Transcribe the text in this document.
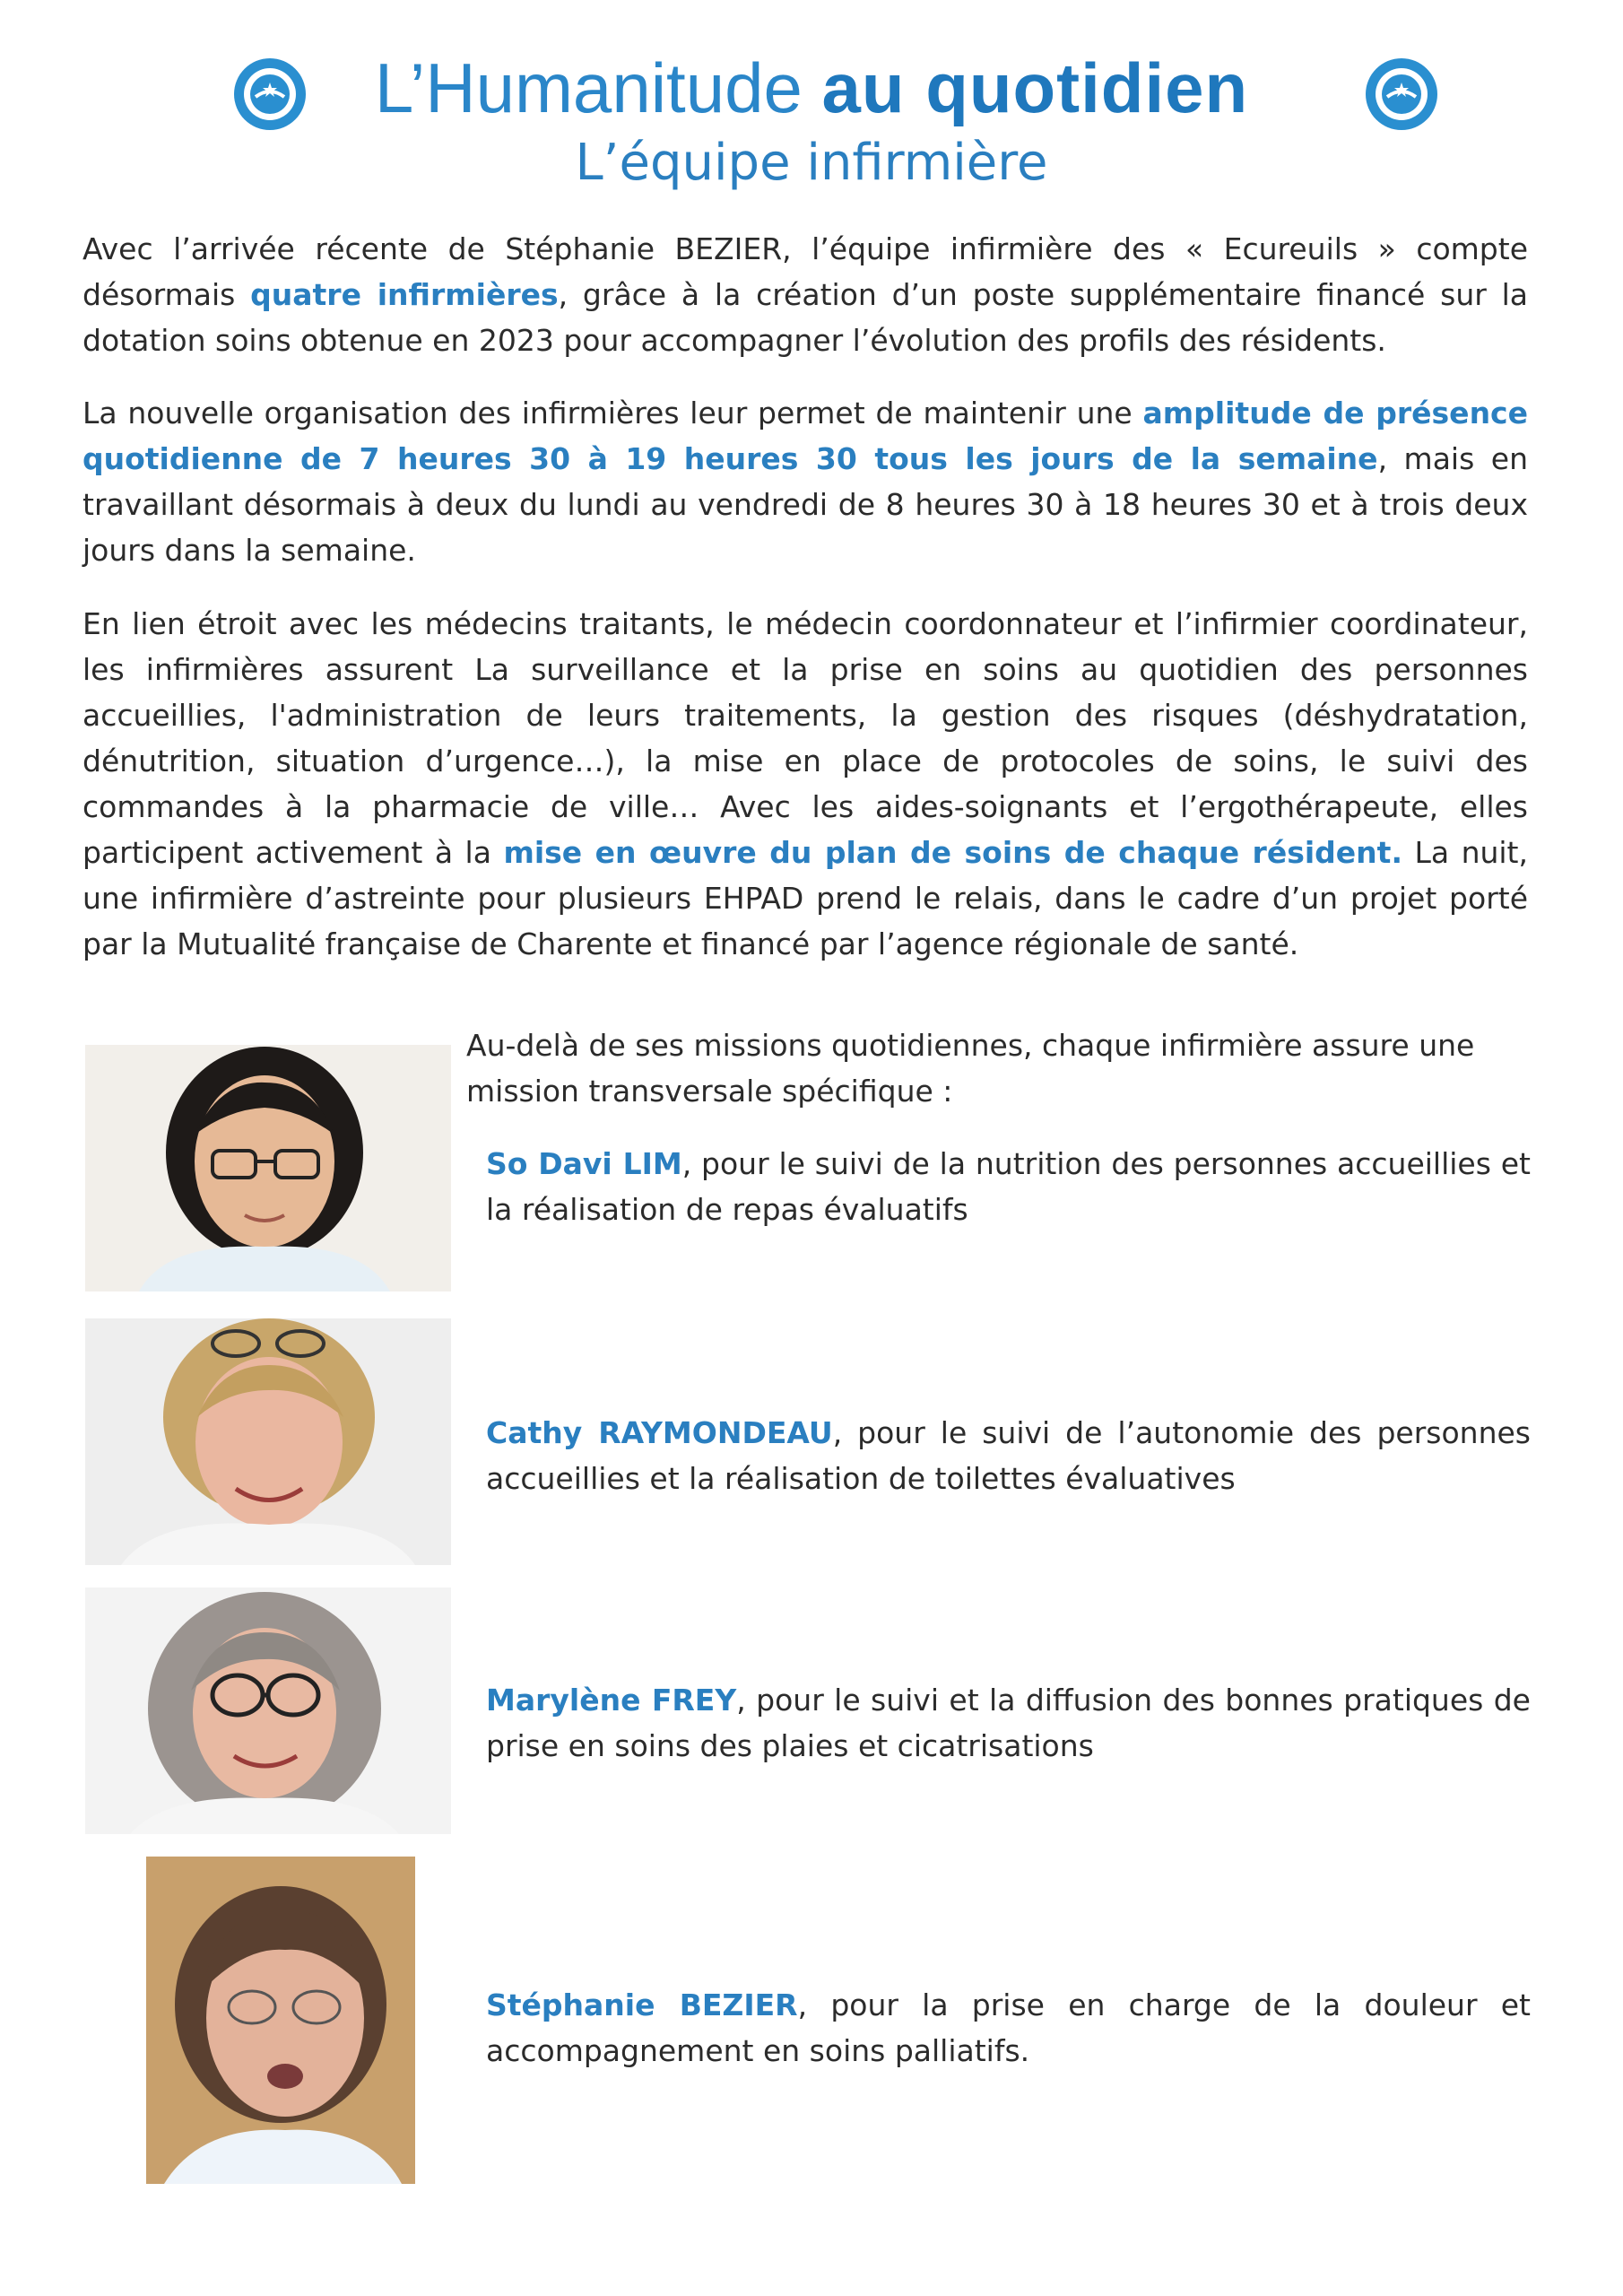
L’Humanitude au quotidien
L’équipe infirmière
Avec l’arrivée récente de Stéphanie BEZIER, l’équipe infirmière des « Ecureuils » compte désormais quatre infirmières, grâce à la création d’un poste supplémentaire financé sur la dotation soins obtenue en 2023 pour accompagner l’évolution des profils des résidents.
La nouvelle organisation des infirmières leur permet de maintenir une amplitude de présence quotidienne de 7 heures 30 à 19 heures 30 tous les jours de la semaine, mais en travaillant désormais à deux du lundi au vendredi de 8 heures 30 à 18 heures 30 et à trois deux jours dans la semaine.
En lien étroit avec les médecins traitants, le médecin coordonnateur et l’infirmier coordinateur, les infirmières assurent La surveillance et la prise en soins au quotidien des personnes accueillies, l'administration de leurs traitements, la gestion des risques (déshydratation, dénutrition, situation d’urgence…), la mise en place de protocoles de soins, le suivi des commandes à la pharmacie de ville… Avec les aides-soignants et l’ergothérapeute, elles participent activement à la mise en œuvre du plan de soins de chaque résident. La nuit, une infirmière d’astreinte pour plusieurs EHPAD prend le relais, dans le cadre d’un projet porté par la Mutualité française de Charente et financé par l’agence régionale de santé.
Au-delà de ses missions quotidiennes, chaque infirmière assure une mission transversale spécifique :
So Davi LIM, pour le suivi de la nutrition des personnes accueillies et la réalisation de repas évaluatifs
Cathy RAYMONDEAU, pour le suivi de l’autonomie des personnes accueillies et la réalisation de toilettes évaluatives
Marylène FREY, pour le suivi et la diffusion des bonnes pratiques de prise en soins des plaies et cicatrisations
Stéphanie BEZIER, pour la prise en charge de la douleur et accompagnement en soins palliatifs.
